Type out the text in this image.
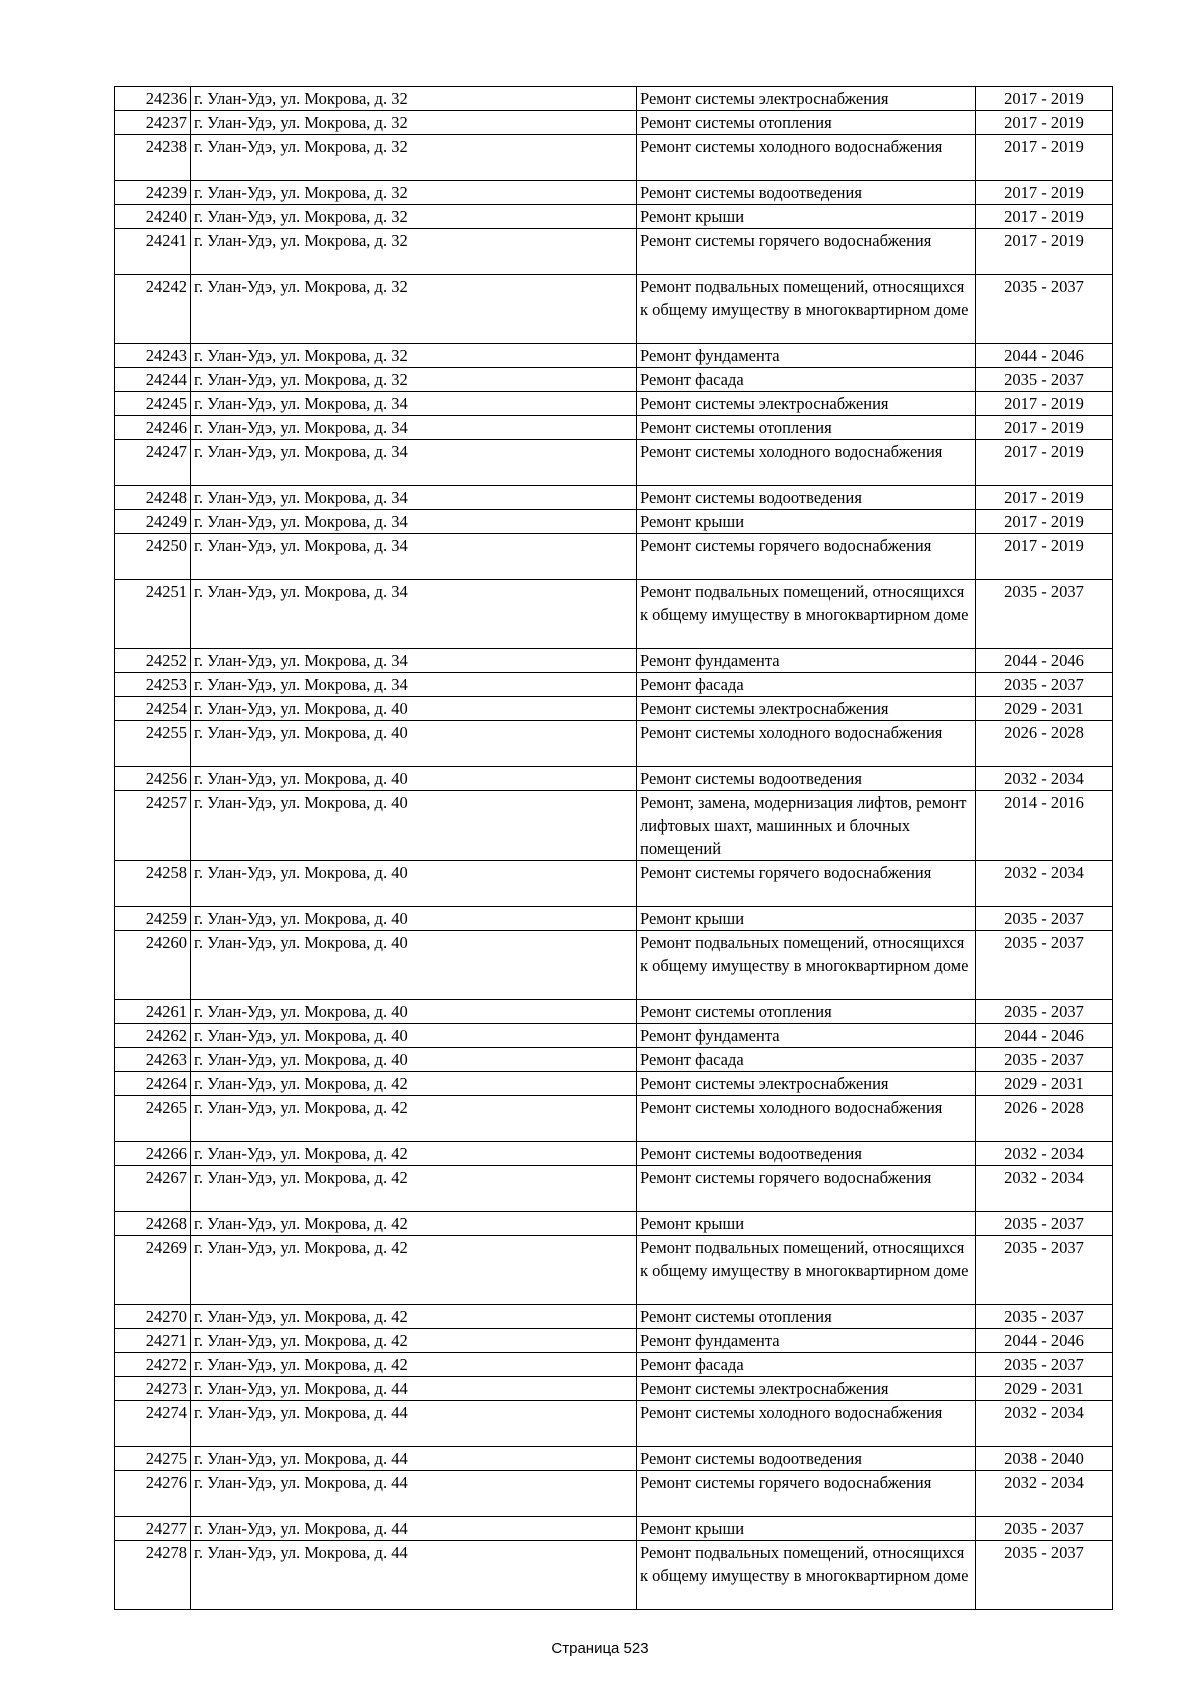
24236	г. Улан-Удэ, ул. Мокрова, д. 32	Ремонт системы электроснабжения	2017 - 2019
24237	г. Улан-Удэ, ул. Мокрова, д. 32	Ремонт системы отопления	2017 - 2019
24238	г. Улан-Удэ, ул. Мокрова, д. 32	Ремонт системы холодного водоснабжения	2017 - 2019
24239	г. Улан-Удэ, ул. Мокрова, д. 32	Ремонт системы водоотведения	2017 - 2019
24240	г. Улан-Удэ, ул. Мокрова, д. 32	Ремонт крыши	2017 - 2019
24241	г. Улан-Удэ, ул. Мокрова, д. 32	Ремонт системы горячего водоснабжения	2017 - 2019
24242	г. Улан-Удэ, ул. Мокрова, д. 32	Ремонт подвальных помещений, относящихся к общему имуществу в многоквартирном доме	2035 - 2037
24243	г. Улан-Удэ, ул. Мокрова, д. 32	Ремонт фундамента	2044 - 2046
24244	г. Улан-Удэ, ул. Мокрова, д. 32	Ремонт фасада	2035 - 2037
24245	г. Улан-Удэ, ул. Мокрова, д. 34	Ремонт системы электроснабжения	2017 - 2019
24246	г. Улан-Удэ, ул. Мокрова, д. 34	Ремонт системы отопления	2017 - 2019
24247	г. Улан-Удэ, ул. Мокрова, д. 34	Ремонт системы холодного водоснабжения	2017 - 2019
24248	г. Улан-Удэ, ул. Мокрова, д. 34	Ремонт системы водоотведения	2017 - 2019
24249	г. Улан-Удэ, ул. Мокрова, д. 34	Ремонт крыши	2017 - 2019
24250	г. Улан-Удэ, ул. Мокрова, д. 34	Ремонт системы горячего водоснабжения	2017 - 2019
24251	г. Улан-Удэ, ул. Мокрова, д. 34	Ремонт подвальных помещений, относящихся к общему имуществу в многоквартирном доме	2035 - 2037
24252	г. Улан-Удэ, ул. Мокрова, д. 34	Ремонт фундамента	2044 - 2046
24253	г. Улан-Удэ, ул. Мокрова, д. 34	Ремонт фасада	2035 - 2037
24254	г. Улан-Удэ, ул. Мокрова, д. 40	Ремонт системы электроснабжения	2029 - 2031
24255	г. Улан-Удэ, ул. Мокрова, д. 40	Ремонт системы холодного водоснабжения	2026 - 2028
24256	г. Улан-Удэ, ул. Мокрова, д. 40	Ремонт системы водоотведения	2032 - 2034
24257	г. Улан-Удэ, ул. Мокрова, д. 40	Ремонт, замена, модернизация лифтов, ремонт лифтовых шахт, машинных и блочных помещений	2014 - 2016
24258	г. Улан-Удэ, ул. Мокрова, д. 40	Ремонт системы горячего водоснабжения	2032 - 2034
24259	г. Улан-Удэ, ул. Мокрова, д. 40	Ремонт крыши	2035 - 2037
24260	г. Улан-Удэ, ул. Мокрова, д. 40	Ремонт подвальных помещений, относящихся к общему имуществу в многоквартирном доме	2035 - 2037
24261	г. Улан-Удэ, ул. Мокрова, д. 40	Ремонт системы отопления	2035 - 2037
24262	г. Улан-Удэ, ул. Мокрова, д. 40	Ремонт фундамента	2044 - 2046
24263	г. Улан-Удэ, ул. Мокрова, д. 40	Ремонт фасада	2035 - 2037
24264	г. Улан-Удэ, ул. Мокрова, д. 42	Ремонт системы электроснабжения	2029 - 2031
24265	г. Улан-Удэ, ул. Мокрова, д. 42	Ремонт системы холодного водоснабжения	2026 - 2028
24266	г. Улан-Удэ, ул. Мокрова, д. 42	Ремонт системы водоотведения	2032 - 2034
24267	г. Улан-Удэ, ул. Мокрова, д. 42	Ремонт системы горячего водоснабжения	2032 - 2034
24268	г. Улан-Удэ, ул. Мокрова, д. 42	Ремонт крыши	2035 - 2037
24269	г. Улан-Удэ, ул. Мокрова, д. 42	Ремонт подвальных помещений, относящихся к общему имуществу в многоквартирном доме	2035 - 2037
24270	г. Улан-Удэ, ул. Мокрова, д. 42	Ремонт системы отопления	2035 - 2037
24271	г. Улан-Удэ, ул. Мокрова, д. 42	Ремонт фундамента	2044 - 2046
24272	г. Улан-Удэ, ул. Мокрова, д. 42	Ремонт фасада	2035 - 2037
24273	г. Улан-Удэ, ул. Мокрова, д. 44	Ремонт системы электроснабжения	2029 - 2031
24274	г. Улан-Удэ, ул. Мокрова, д. 44	Ремонт системы холодного водоснабжения	2032 - 2034
24275	г. Улан-Удэ, ул. Мокрова, д. 44	Ремонт системы водоотведения	2038 - 2040
24276	г. Улан-Удэ, ул. Мокрова, д. 44	Ремонт системы горячего водоснабжения	2032 - 2034
24277	г. Улан-Удэ, ул. Мокрова, д. 44	Ремонт крыши	2035 - 2037
24278	г. Улан-Удэ, ул. Мокрова, д. 44	Ремонт подвальных помещений, относящихся к общему имуществу в многоквартирном доме	2035 - 2037
Страница 523
